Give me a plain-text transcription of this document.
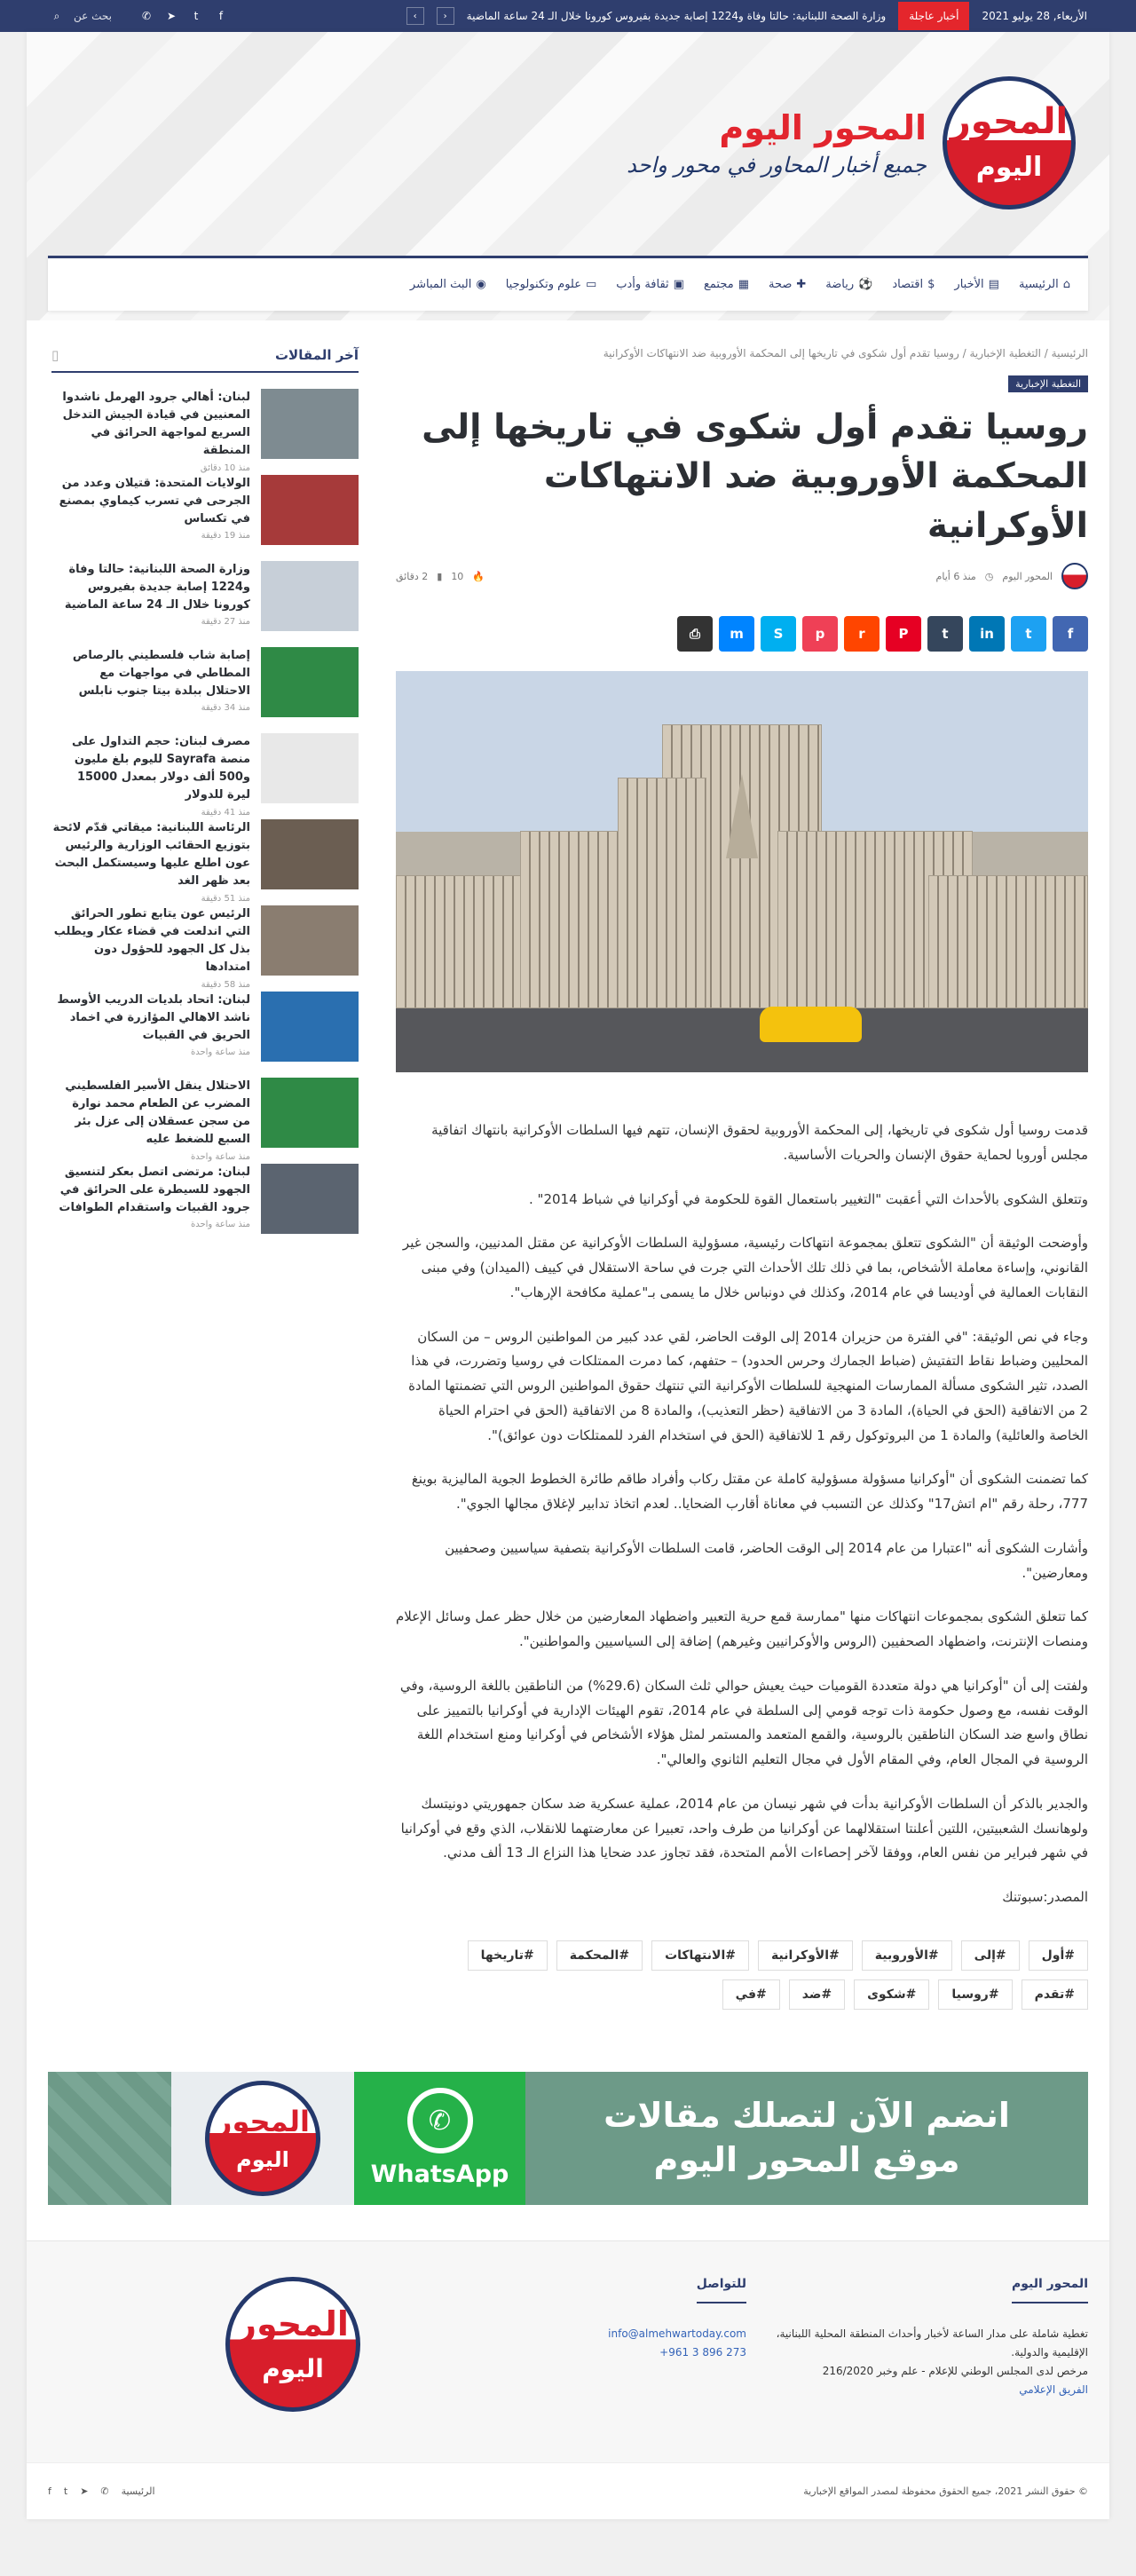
الأربعاء, 28 يوليو 2021
أخبار عاجلة
وزارة الصحة اللبنانية: حالتا وفاة و1224 إصابة جديدة بفيروس كورونا خلال الـ 24 ساعة الماضية
‹
›
f
t
➤
✆
بحث عن
⌕
المحور
اليوم
المحور اليوم
جميع أخبار المحاور في محور واحد
⌂
الرئيسية
▤
الأخبار
$
اقتصاد
⚽
رياضة
✚
صحة
▦
مجتمع
▣
ثقافة وأدب
▭
علوم وتكنولوجيا
◉
البث المباشر
الرئيسية / التغطية الإخبارية / روسيا تقدم أول شكوى في تاريخها إلى المحكمة الأوروبية ضد الانتهاكات الأوكرانية
التغطية الإخبارية
روسيا تقدم أول شكوى في تاريخها إلى المحكمة الأوروبية ضد الانتهاكات الأوكرانية
المحور اليوم
◷
منذ 6 أيام
🔥
10
▮
2 دقائق
f
t
in
t
P
r
p
S
m
⎙

قدمت روسيا أول شكوى في تاريخها، إلى المحكمة الأوروبية لحقوق الإنسان، تتهم فيها السلطات الأوكرانية بانتهاك اتفاقية مجلس أوروبا لحماية حقوق الإنسان والحريات الأساسية.

وتتعلق الشكوى بالأحداث التي أعقبت "التغيير باستعمال القوة للحكومة في أوكرانيا في شباط 2014" .

وأوضحت الوثيقة أن "الشكوى تتعلق بمجموعة انتهاكات رئيسية، مسؤولية السلطات الأوكرانية عن مقتل المدنيين، والسجن غير القانوني، وإساءة معاملة الأشخاص، بما في ذلك تلك الأحداث التي جرت في ساحة الاستقلال في كييف (الميدان) وفي مبنى النقابات العمالية في أوديسا في عام 2014، وكذلك في دونباس خلال ما يسمى بـ"عملية مكافحة الإرهاب".

وجاء في نص الوثيقة: "في الفترة من حزيران 2014 إلى الوقت الحاضر، لقي عدد كبير من المواطنين الروس – من السكان المحليين وضباط نقاط التفتيش (ضباط الجمارك وحرس الحدود) – حتفهم، كما دمرت الممتلكات في روسيا وتضررت، في هذا الصدد، تثير الشكوى مسألة الممارسات المنهجية للسلطات الأوكرانية التي تنتهك حقوق المواطنين الروس التي تضمنتها المادة 2 من الاتفاقية (الحق في الحياة)، المادة 3 من الاتفاقية (حظر التعذيب)، والمادة 8 من الاتفاقية (الحق في احترام الحياة الخاصة والعائلية) والمادة 1 من البروتوكول رقم 1 للاتفاقية (الحق في استخدام الفرد للممتلكات دون عوائق)".

كما تضمنت الشكوى أن "أوكرانيا مسؤولة مسؤولية كاملة عن مقتل ركاب وأفراد طاقم طائرة الخطوط الجوية الماليزية بوينغ 777، رحلة رقم "ام اتش17" وكذلك عن التسبب في معاناة أقارب الضحايا.. لعدم اتخاذ تدابير لإغلاق مجالها الجوي".

وأشارت الشكوى أنه "اعتبارا من عام 2014 إلى الوقت الحاضر، قامت السلطات الأوكرانية بتصفية سياسيين وصحفيين ومعارضين".

كما تتعلق الشكوى بمجموعات انتهاكات منها "ممارسة قمع حرية التعبير واضطهاد المعارضين من خلال حظر عمل وسائل الإعلام ومنصات الإنترنت، واضطهاد الصحفيين (الروس والأوكرانيين وغيرهم) إضافة إلى السياسيين والمواطنين".

ولفتت إلى أن "أوكرانيا هي دولة متعددة القوميات حيث يعيش حوالي ثلث السكان (29.6%) من الناطقين باللغة الروسية، وفي الوقت نفسه، مع وصول حكومة ذات توجه قومي إلى السلطة في عام 2014، تقوم الهيئات الإدارية في أوكرانيا بالتمييز على نطاق واسع ضد السكان الناطقين بالروسية، والقمع المتعمد والمستمر لمثل هؤلاء الأشخاص في أوكرانيا ومنع استخدام اللغة الروسية في المجال العام، وفي المقام الأول في مجال التعليم الثانوي والعالي".

والجدير بالذكر أن السلطات الأوكرانية بدأت في شهر نيسان من عام 2014، عملية عسكرية ضد سكان جمهوريتي دونيتسك ولوهانسك الشعبيتين، اللتين أعلنتا استقلالهما عن أوكرانيا من طرف واحد، تعبيرا عن معارضتهما للانقلاب، الذي وقع في أوكرانيا في شهر فبراير من نفس العام، ووفقا لآخر إحصاءات الأمم المتحدة، فقد تجاوز عدد ضحايا هذا النزاع الـ 13 ألف مدني.

المصدر:سبوتنك

#أول
#إلى
#الأوروبية
#الأوكرانية
#الانتهاكات
#المحكمة
#تاريخها
#تقدم
#روسيا
#شكوى
#ضد
#في
آخر المقالات
▯
لبنان: أهالي جرود الهرمل ناشدوا المعنيين في قيادة الجيش التدخل السريع لمواجهة الحرائق في المنطقة
منذ 10 دقائق
الولايات المتحدة: قتيلان وعدد من الجرحى في تسرب كيماوي بمصنع في تكساس
منذ 19 دقيقة
وزارة الصحة اللبنانية: حالتا وفاة و1224 إصابة جديدة بفيروس كورونا خلال الـ 24 ساعة الماضية
منذ 27 دقيقة
إصابة شاب فلسطيني بالرصاص المطاطي في مواجهات مع الاحتلال ببلدة بيتا جنوب نابلس
منذ 34 دقيقة
مصرف لبنان: حجم التداول على منصة Sayrafa لليوم بلغ مليون و500 ألف دولار بمعدل 15000 ليرة للدولار
منذ 41 دقيقة
الرئاسة اللبنانية: ميقاتي قدّم لائحة بتوزيع الحقائب الوزارية والرئيس عون اطلع عليها وسيستكمل البحث بعد ظهر الغد
منذ 51 دقيقة
الرئيس عون يتابع تطور الحرائق التي اندلعت في قضاء عكار ويطلب بذل كل الجهود للحؤول دون امتدادها
منذ 58 دقيقة
لبنان: اتحاد بلديات الدريب الأوسط ناشد الاهالي المؤازرة في اخماد الحريق في القبيات
منذ ساعة واحدة
الاحتلال ينقل الأسير الفلسطيني المضرب عن الطعام محمد نوارة من سجن عسقلان إلى عزل بئر السبع للضغط عليه
منذ ساعة واحدة
لبنان: مرتضى اتصل بعكر لتنسيق الجهود للسيطرة على الحرائق في جرود القبيات واستقدام الطوافات
منذ ساعة واحدة
انضم الآن لتصلك مقالات
موقع المحور اليوم
✆
WhatsApp
المحور
اليوم
المحور اليوم

تغطية شاملة على مدار الساعة لأخبار وأحداث المنطقة المحلية اللبنانية، الإقليمية والدولية.
مرخص لدى المجلس الوطني للإعلام - علم وخبر 216/2020
الفريق الإعلامي

للتواصل

info@almehwartoday.com
+961 3 896 273

المحور
اليوم
© حقوق النشر 2021، جميع الحقوق محفوظة لمصدر المواقع الإخبارية
الرئيسية
✆
➤
t
f
